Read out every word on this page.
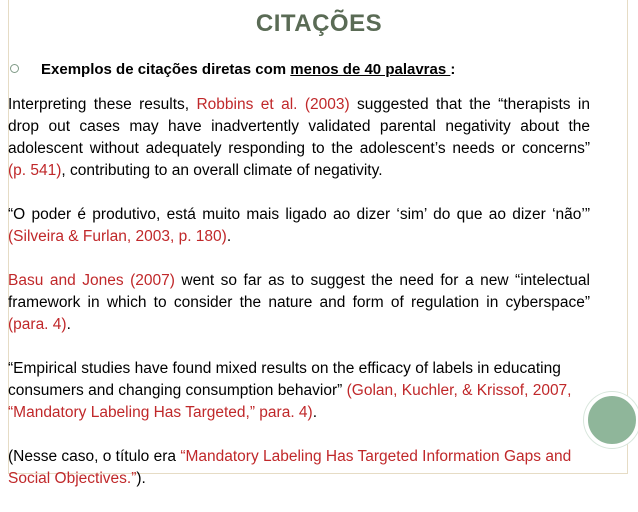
CITAÇÕES
Exemplos de citações diretas com menos de 40 palavras :

Interpreting these results, Robbins et al. (2003) suggested that the “therapists in drop out cases may have inadvertently validated parental negativity about the adolescent without adequately responding to the adolescent’s needs or concerns” (p. 541), contributing to an overall climate of negativity.

“O poder é produtivo, está muito mais ligado ao dizer ‘sim’ do que ao dizer ‘não’” (Silveira & Furlan, 2003, p. 180).

Basu and Jones (2007) went so far as to suggest the need for a new “intelectual framework in which to consider the nature and form of regulation in cyberspace” (para. 4).

“Empirical studies have found mixed results on the efficacy of labels in educating consumers and changing consumption behavior” (Golan, Kuchler, & Krissof, 2007, “Mandatory Labeling Has Targeted,” para. 4).

(Nesse caso, o título era “Mandatory Labeling Has Targeted Information Gaps and Social Objectives.”).
